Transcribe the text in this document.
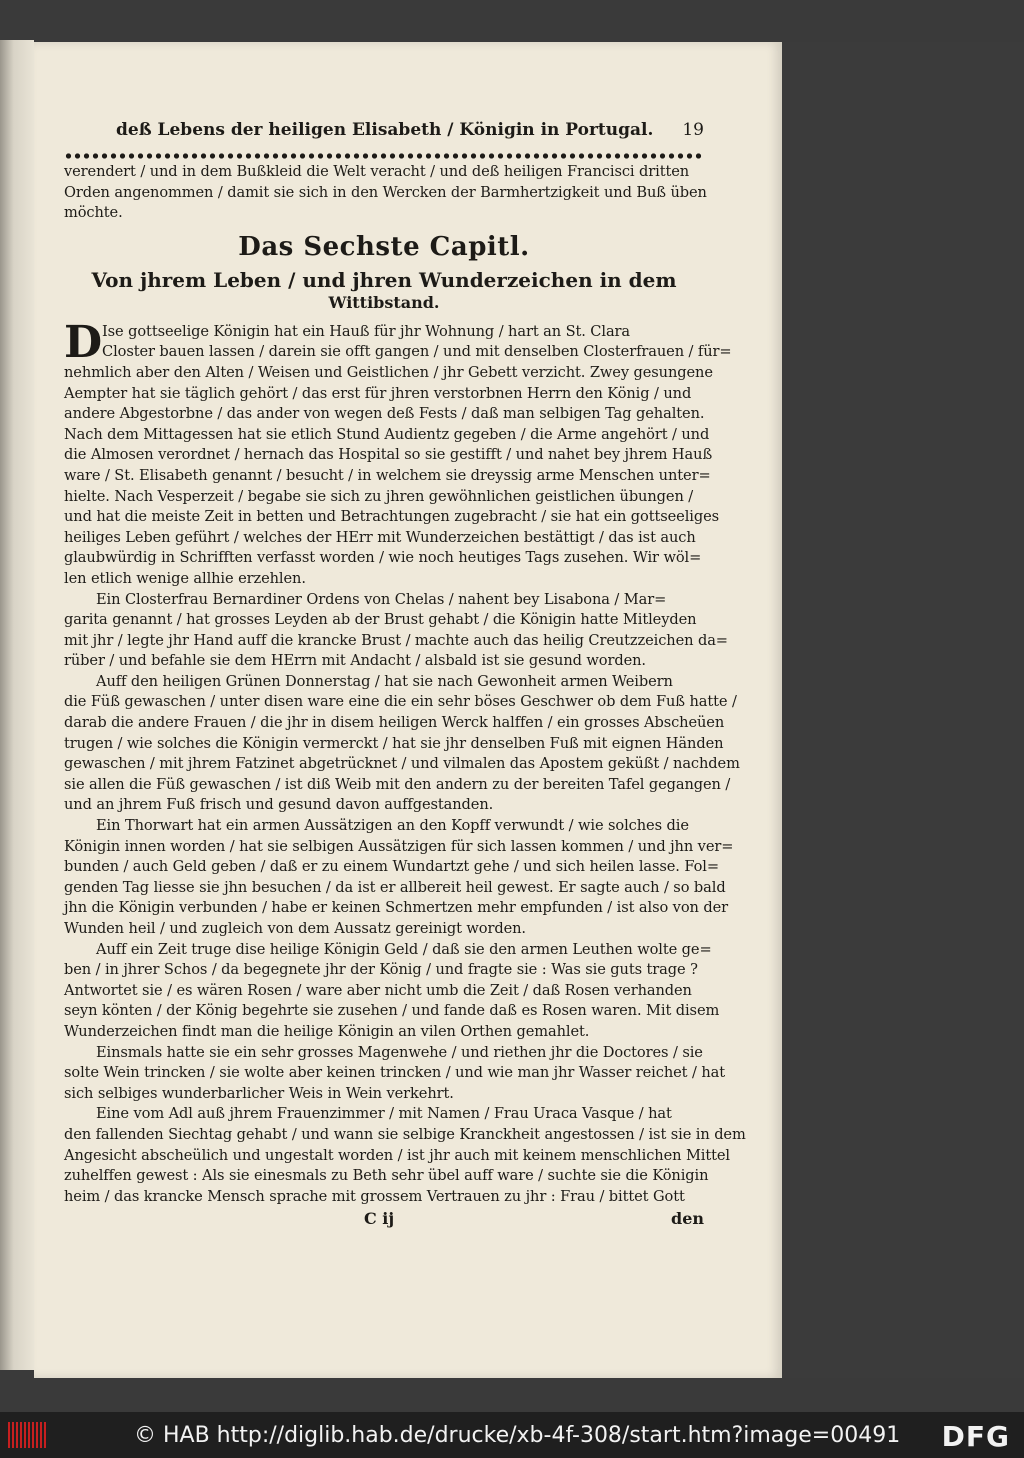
deß Lebens der heiligen Elisabeth / Königin in Portugal. 19
verendert / und in dem Bußkleid die Welt veracht / und deß heiligen Francisci dritten
Orden angenommen / damit sie sich in den Wercken der Barmhertzigkeit und Buß üben
möchte.
Das Sechste Capitl.
Von jhrem Leben / und jhren Wunderzeichen in dem
Wittibstand.
D Ise gottseelige Königin hat ein Hauß für jhr Wohnung / hart an St. Clara
Closter bauen lassen / darein sie offt gangen / und mit denselben Closterfrauen / für=
nehmlich aber den Alten / Weisen und Geistlichen / jhr Gebett verzicht. Zwey gesungene
Aempter hat sie täglich gehört / das erst für jhren verstorbnen Herrn den König / und
andere Abgestorbne / das ander von wegen deß Fests / daß man selbigen Tag gehalten.
Nach dem Mittagessen hat sie etlich Stund Audientz gegeben / die Arme angehört / und
die Almosen verordnet / hernach das Hospital so sie gestifft / und nahet bey jhrem Hauß
ware / St. Elisabeth genannt / besucht / in welchem sie dreyssig arme Menschen unter=
hielte. Nach Vesperzeit / begabe sie sich zu jhren gewöhnlichen geistlichen übungen /
und hat die meiste Zeit in betten und Betrachtungen zugebracht / sie hat ein gottseeliges
heiliges Leben geführt / welches der HErr mit Wunderzeichen bestättigt / das ist auch
glaubwürdig in Schrifften verfasst worden / wie noch heutiges Tags zusehen. Wir wöl=
len etlich wenige allhie erzehlen.
Ein Closterfrau Bernardiner Ordens von Chelas / nahent bey Lisabona / Mar=
garita genannt / hat grosses Leyden ab der Brust gehabt / die Königin hatte Mitleyden
mit jhr / legte jhr Hand auff die krancke Brust / machte auch das heilig Creutzzeichen da=
rüber / und befahle sie dem HErrn mit Andacht / alsbald ist sie gesund worden.
Auff den heiligen Grünen Donnerstag / hat sie nach Gewonheit armen Weibern
die Füß gewaschen / unter disen ware eine die ein sehr böses Geschwer ob dem Fuß hatte /
darab die andere Frauen / die jhr in disem heiligen Werck halffen / ein grosses Abscheüen
trugen / wie solches die Königin vermerckt / hat sie jhr denselben Fuß mit eignen Händen
gewaschen / mit jhrem Fatzinet abgetrücknet / und vilmalen das Apostem geküßt / nachdem
sie allen die Füß gewaschen / ist diß Weib mit den andern zu der bereiten Tafel gegangen /
und an jhrem Fuß frisch und gesund davon auffgestanden.
Ein Thorwart hat ein armen Aussätzigen an den Kopff verwundt / wie solches die
Königin innen worden / hat sie selbigen Aussätzigen für sich lassen kommen / und jhn ver=
bunden / auch Geld geben / daß er zu einem Wundartzt gehe / und sich heilen lasse. Fol=
genden Tag liesse sie jhn besuchen / da ist er allbereit heil gewest. Er sagte auch / so bald
jhn die Königin verbunden / habe er keinen Schmertzen mehr empfunden / ist also von der
Wunden heil / und zugleich von dem Aussatz gereinigt worden.
Auff ein Zeit truge dise heilige Königin Geld / daß sie den armen Leuthen wolte ge=
ben / in jhrer Schos / da begegnete jhr der König / und fragte sie : Was sie guts trage ?
Antwortet sie / es wären Rosen / ware aber nicht umb die Zeit / daß Rosen verhanden
seyn könten / der König begehrte sie zusehen / und fande daß es Rosen waren. Mit disem
Wunderzeichen findt man die heilige Königin an vilen Orthen gemahlet.
Einsmals hatte sie ein sehr grosses Magenwehe / und riethen jhr die Doctores / sie
solte Wein trincken / sie wolte aber keinen trincken / und wie man jhr Wasser reichet / hat
sich selbiges wunderbarlicher Weis in Wein verkehrt.
Eine vom Adl auß jhrem Frauenzimmer / mit Namen / Frau Uraca Vasque / hat
den fallenden Siechtag gehabt / und wann sie selbige Kranckheit angestossen / ist sie in dem
Angesicht abscheülich und ungestalt worden / ist jhr auch mit keinem menschlichen Mittel
zuhelffen gewest : Als sie einesmals zu Beth sehr übel auff ware / suchte sie die Königin
heim / das krancke Mensch sprache mit grossem Vertrauen zu jhr : Frau / bittet Gott
C ij	den
© HAB http://diglib.hab.de/drucke/xb-4f-308/start.htm?image=00491 DFG
